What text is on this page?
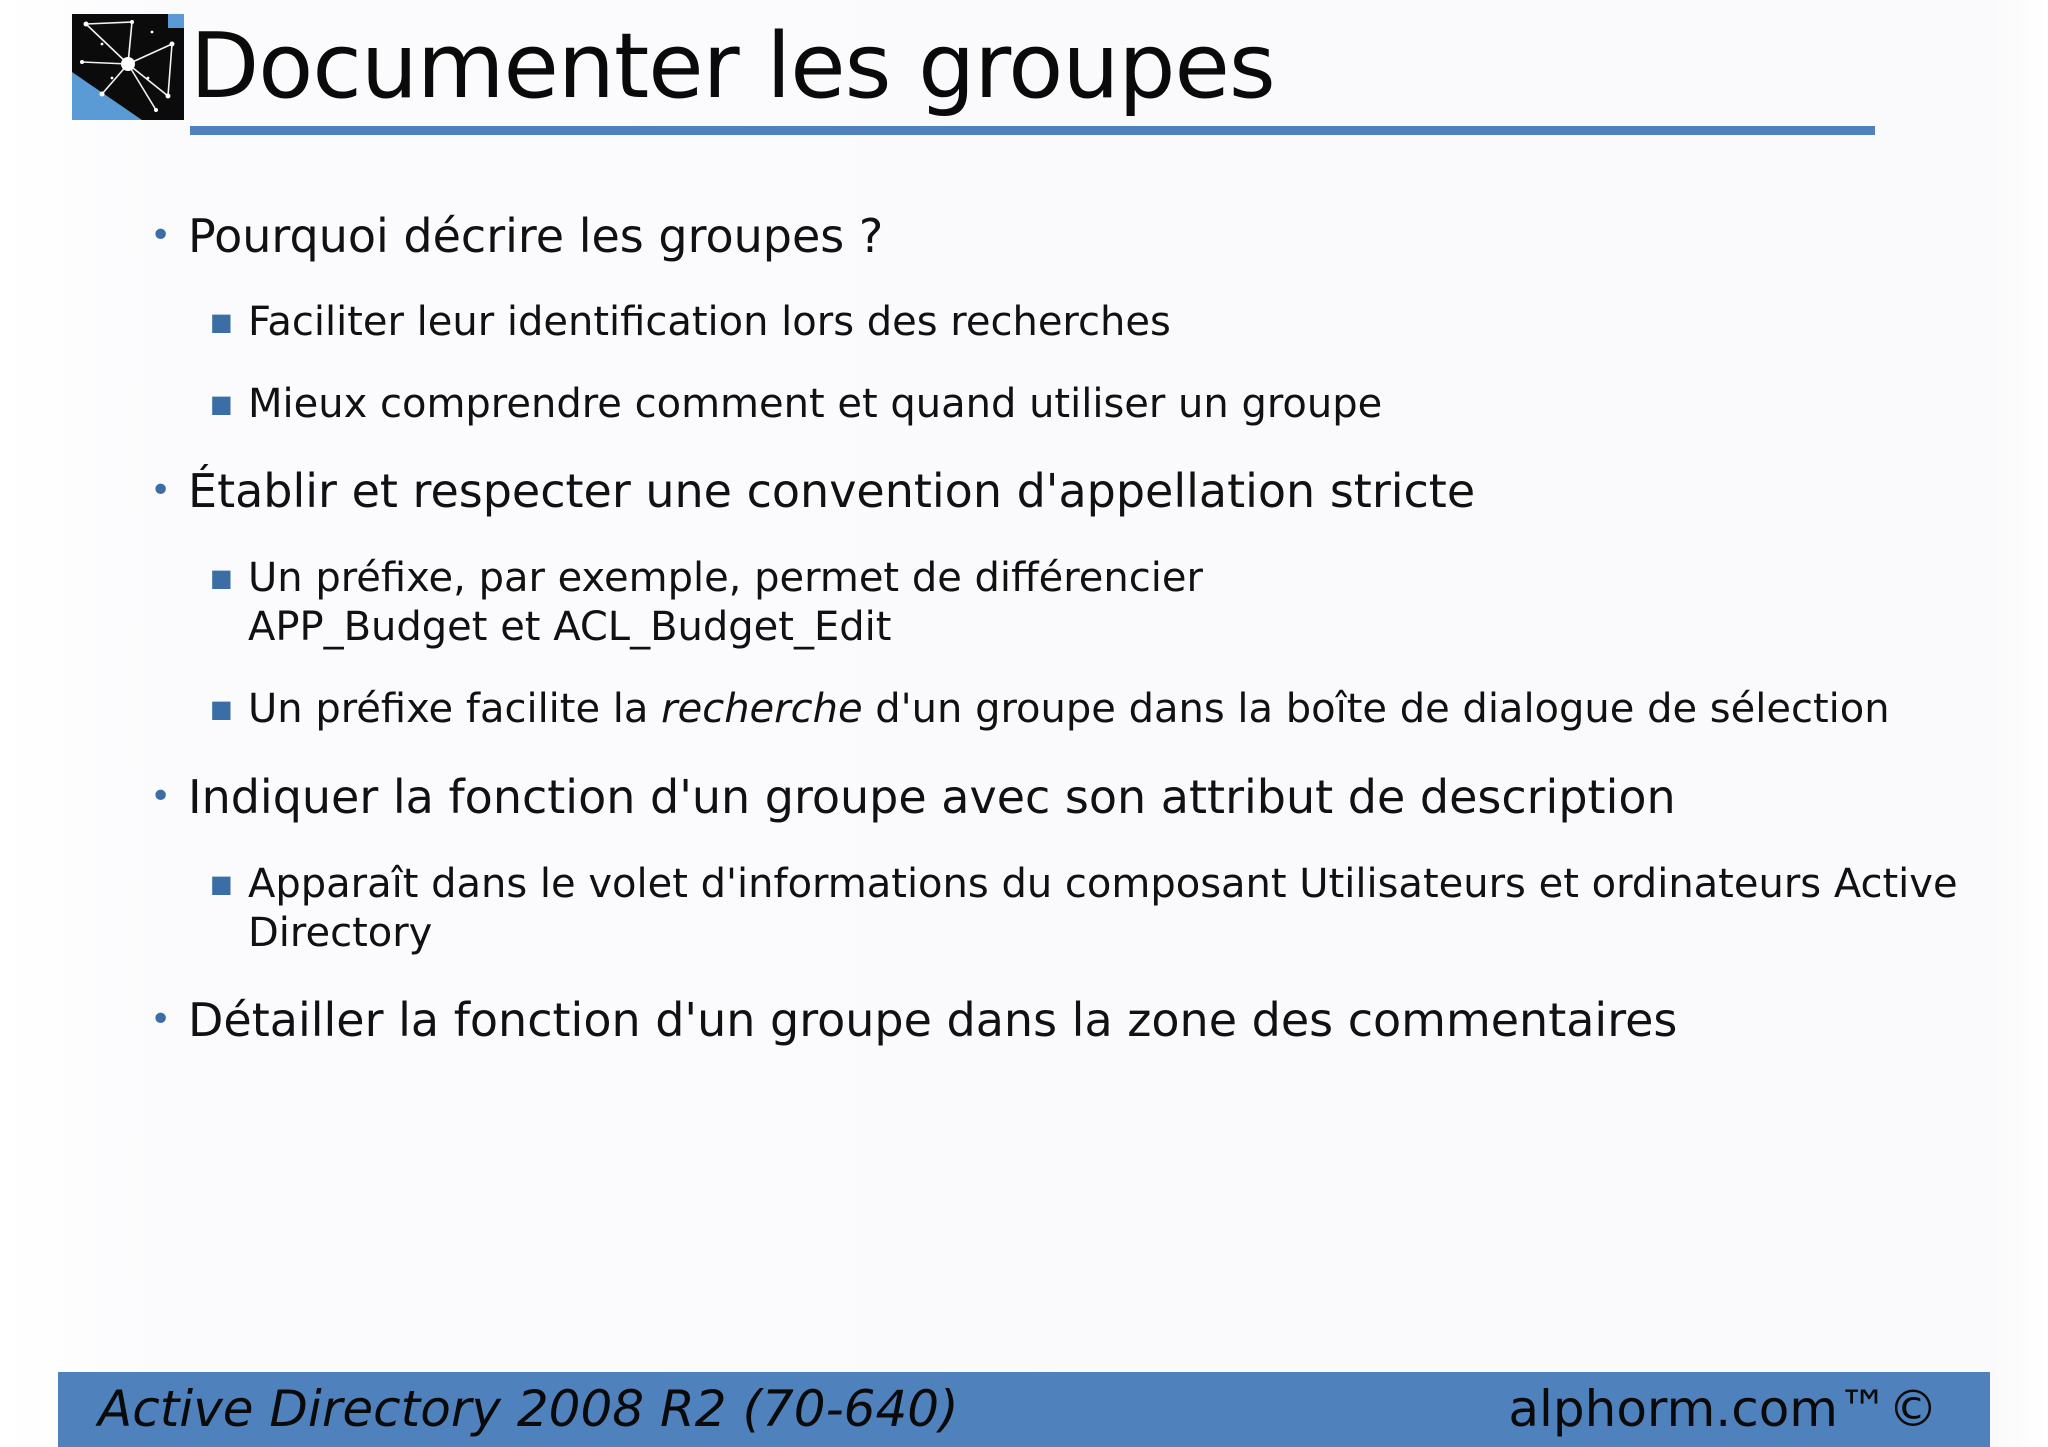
Documenter les groupes
• Pourquoi décrire les groupes ?
■ Faciliter leur identification lors des recherches
■ Mieux comprendre comment et quand utiliser un groupe
• Établir et respecter une convention d'appellation stricte
■ Un préfixe, par exemple, permet de différencier
APP_Budget et ACL_Budget_Edit
■ Un préfixe facilite la recherche d'un groupe dans la boîte de dialogue de sélection
• Indiquer la fonction d'un groupe avec son attribut de description
■ Apparaît dans le volet d'informations du composant Utilisateurs et ordinateurs Active
Directory
• Détailler la fonction d'un groupe dans la zone des commentaires
Active Directory 2008 R2 (70-640)	alphorm.com™©
